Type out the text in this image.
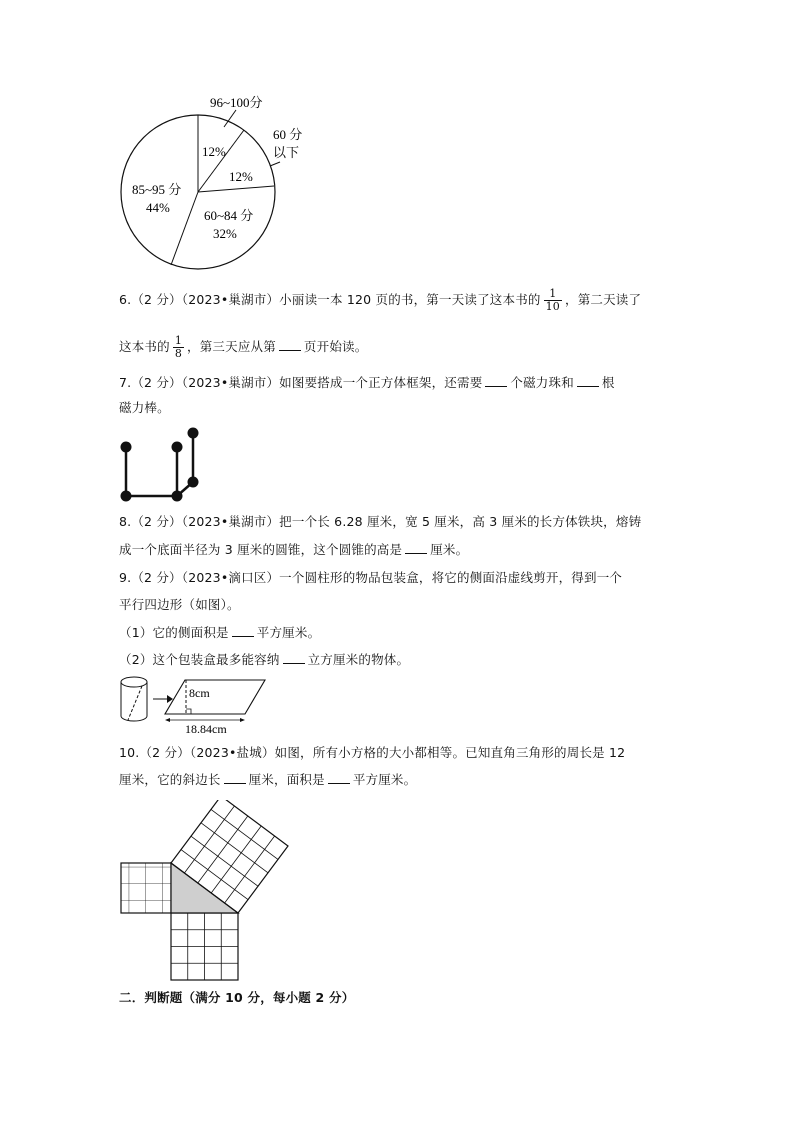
96~100分
12%
60 分
以下
12%
85~95 分
44%
60~84 分
32%
6.（2 分）（2023•巢湖市）小丽读一本 120 页的书，第一天读了这本书的 $\frac{1}{10}$ ，第二天读了
这本书的 $\frac{1}{8}$ ，第三天应从第 页开始读。
7.（2 分）（2023•巢湖市）如图要搭成一个正方体框架，还需要 个磁力珠和 根
磁力棒。
8.（2 分）（2023•巢湖市）把一个长 6.28 厘米，宽 5 厘米，高 3 厘米的长方体铁块，熔铸
成一个底面半径为 3 厘米的圆锥，这个圆锥的高是 厘米。
9.（2 分）（2023•滴口区）一个圆柱形的物品包装盒，将它的侧面沿虚线剪开，得到一个
平行四边形（如图）。
（1）它的侧面积是 平方厘米。
（2）这个包装盒最多能容纳 立方厘米的物体。
8cm
18.84cm
10.（2 分）（2023•盐城）如图，所有小方格的大小都相等。已知直角三角形的周长是 12
厘米，它的斜边长 厘米，面积是 平方厘米。
二．判断题（满分 10 分，每小题 2 分）
